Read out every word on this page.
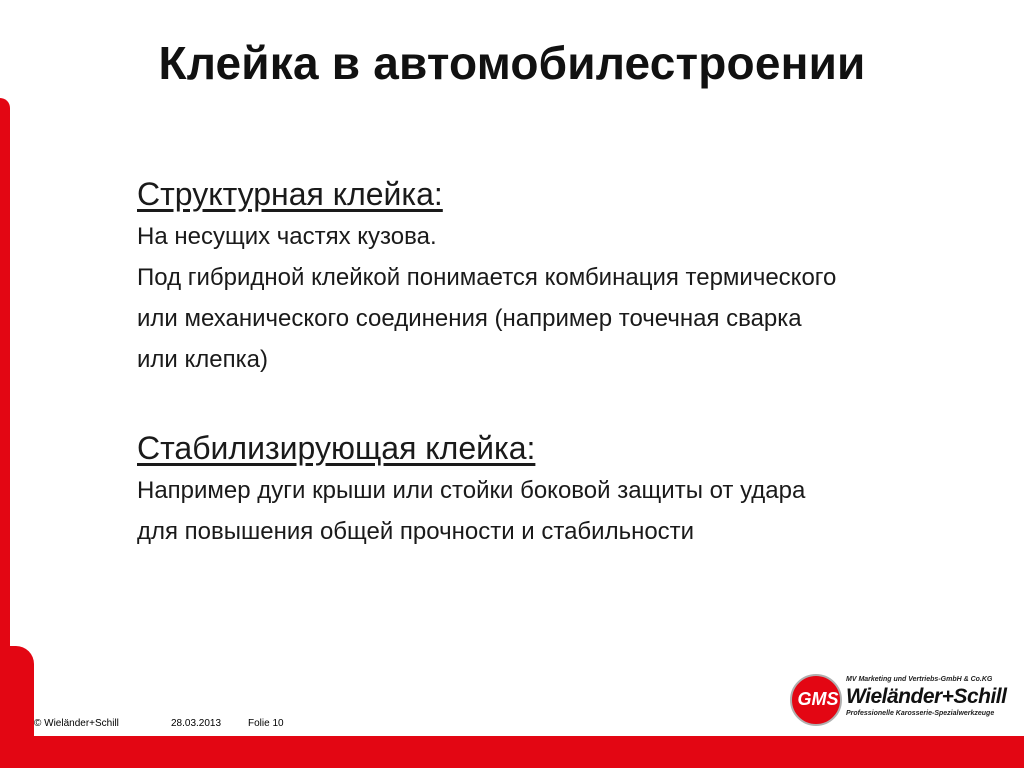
Клейка в автомобилестроении
Структурная клейка:
На несущих частях кузова.
Под гибридной клейкой понимается комбинация термического или механического соединения (например точечная сварка или клепка)
Стабилизирующая клейка:
Например дуги крыши или стойки боковой защиты от удара для повышения общей прочности и стабильности
© Wieländer+Schill	28.03.2013	Folie 10
GMS
MV Marketing und Vertriebs-GmbH & Co.KG
Wieländer+Schill
Professionelle Karosserie-Spezialwerkzeuge
